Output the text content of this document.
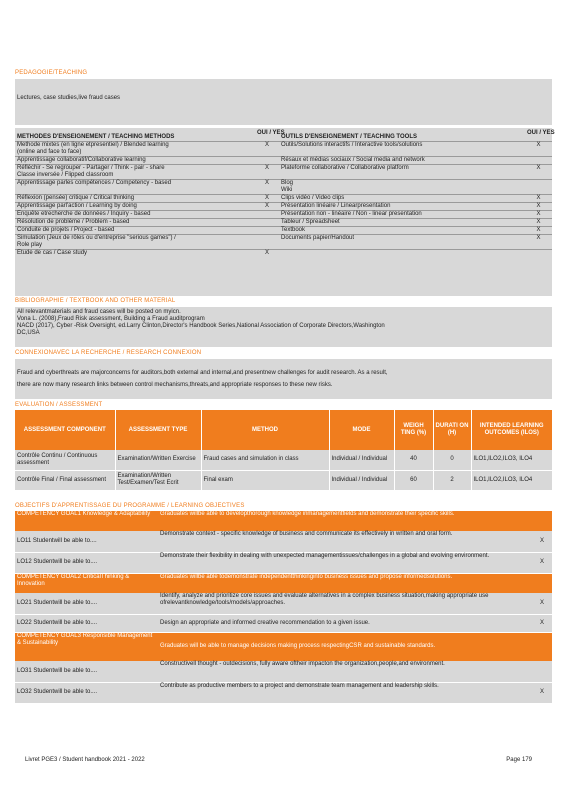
PEDAGOGIE/TEACHING
Lectures, case studies,live fraud cases
METHODES D'ENSEIGNEMENT / TEACHING METHODS	OUI / YES	OUTILS D'ENSEIGNEMENT / TEACHING TOOLS	OUI / YES

Methode mixtes (en ligne etpresentiel) / Blended learning
(online and face to face)	X	Outils/Solutions interactifs / Interactive tools/solutions	X
Apprentissage collaboratif/Collaborative learning		Résaux et médias sociaux / Social media and network	

Réfléchir - Se regrouper - Partager / Think - pair - share
Classe inversée / Flipped classroom	X	Plateforme collaborative / Collaborative platform	X
Apprentissage parles compétences / Competency - based	X	Blog
Wiki	

Réflexion (pensée) critique / Critical thinking	X	Clips vidéo / Video clips	X
Apprentissage parl'action / Learning by doing	X	Présentation linéaire / Linearpresentation	X
Enquête etrecherche de données / Inquiry - based		Présentation non - linéaire / Non - linear presentation	X
Résolution de problème / Problem - based		Tableur / Spreadsheet	X
Conduite de projets / Project - based		Textbook	X

Simulation (Jeux de rôles ou d'entreprise "serious games") /
Role play		Documents papier/Handout	X
Etude de cas / Case study	X		
BIBLIOGRAPHIE / TEXTBOOK AND OTHER MATERIAL
All relevantmaterials and fraud cases will be posted on myicn.
Vona L. (2008),Fraud Risk assessment, Building a Fraud auditprogram
NACD (2017), Cyber -Risk Oversight, ed.Larry Clinton,Director's Handbook Series,National Association of Corporate Directors,Washington
DC,USA
CONNEXIONAVEC LA RECHERCHE / RESEARCH CONNEXION
Fraud and cyberthreats are majorconcerns for auditors,both external and internal,and presentnew challenges for audit research. As a result,
there are now many research links between control mechanisms,threats,and appropriate responses to these new risks.
EVALUATION / ASSESSMENT
ASSESSMENT COMPONENT	ASSESSMENT TYPE	METHOD	MODE	WEIGH TING (%)	DURATI ON (H)	INTENDED LEARNING OUTCOMES (ILOS)
Contrôle Continu / Continuous assessment	Examination/Written Exercise	Fraud cases and simulation in class	Individual / Individual	40	0	ILO1,ILO2,ILO3, ILO4
Contrôle Final / Final assessment	Examination/Written Test/Examen/Test Ecrit	Final exam	Individual / Individual	60	2	ILO1,ILO2,ILO3, ILO4
OBJECTIFS D'APPRENTISSAGE DU PROGRAMME / LEARNING OBJECTIVES
COMPETENCY GOAL1 Knowledge & Adaptability	Graduates willbe able to developthorough knowledge inmanagementfields and demonstrate their specific skills.	
LO11 Studentwill be able to....	Demonstrate context - specific knowledge of business and communicate its effectively in written and oral form.	X
LO12 Studentwill be able to....	Demonstrate their flexibility in dealing with unexpected managementissues/challenges in a global and evolving environment.	X
COMPETENCY GOAL2 CriticalThinking & Innovation	Graduates willbe able todemonstrate independentthinkinginto business issues and propose informedsolutions.	
LO21 Studentwill be able to....	Identify, analyze and prioritize core issues and evaluate alternatives in a complex business situation,making appropriate use ofrelevantknowledge/tools/models/approaches.	X
LO22 Studentwill be able to....	Design an appropriate and informed creative recommendation to a given issue.	X
COMPETENCY GOAL3 Responsible Management & Sustainability	Graduates will be able to manage decisions making process respectingCSR and sustainable standards.	
LO31 Studentwill be able to....	Constructivell thought - outdecisions, fully aware oftheir impacton the organization,people,and environment.	
LO32 Studentwill be able to....	Contribute as productive members to a project and demonstrate team management and leadership skills.	X
Livret PGE3 / Student handbook 2021 - 2022	Page 179
